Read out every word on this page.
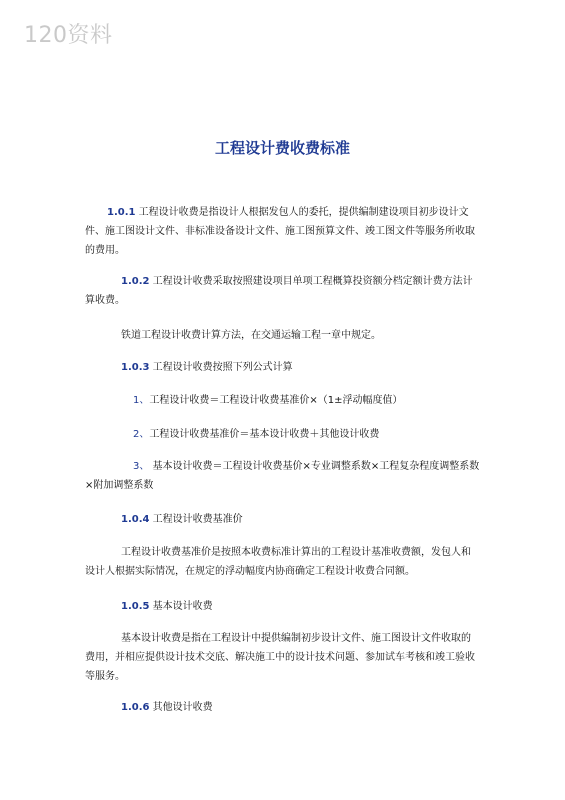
120资料
工程设计费收费标准

1.0.1 工程设计收费是指设计人根据发包人的委托，提供编制建设项目初步设计文件、施工图设计文件、非标准设备设计文件、施工图预算文件、竣工图文件等服务所收取的费用。

1.0.2 工程设计收费采取按照建设项目单项工程概算投资额分档定额计费方法计算收费。

铁道工程设计收费计算方法，在交通运输工程一章中规定。

1.0.3 工程设计收费按照下列公式计算

1、工程设计收费＝工程设计收费基准价×（1±浮动幅度值）

2、工程设计收费基准价＝基本设计收费＋其他设计收费

3、 基本设计收费＝工程设计收费基价×专业调整系数×工程复杂程度调整系数×附加调整系数

1.0.4 工程设计收费基准价

工程设计收费基准价是按照本收费标准计算出的工程设计基准收费额，发包人和设计人根据实际情况，在规定的浮动幅度内协商确定工程设计收费合同额。

1.0.5 基本设计收费

基本设计收费是指在工程设计中提供编制初步设计文件、施工图设计文件收取的费用，并相应提供设计技术交底、解决施工中的设计技术问题、参加试车考核和竣工验收等服务。

1.0.6 其他设计收费
